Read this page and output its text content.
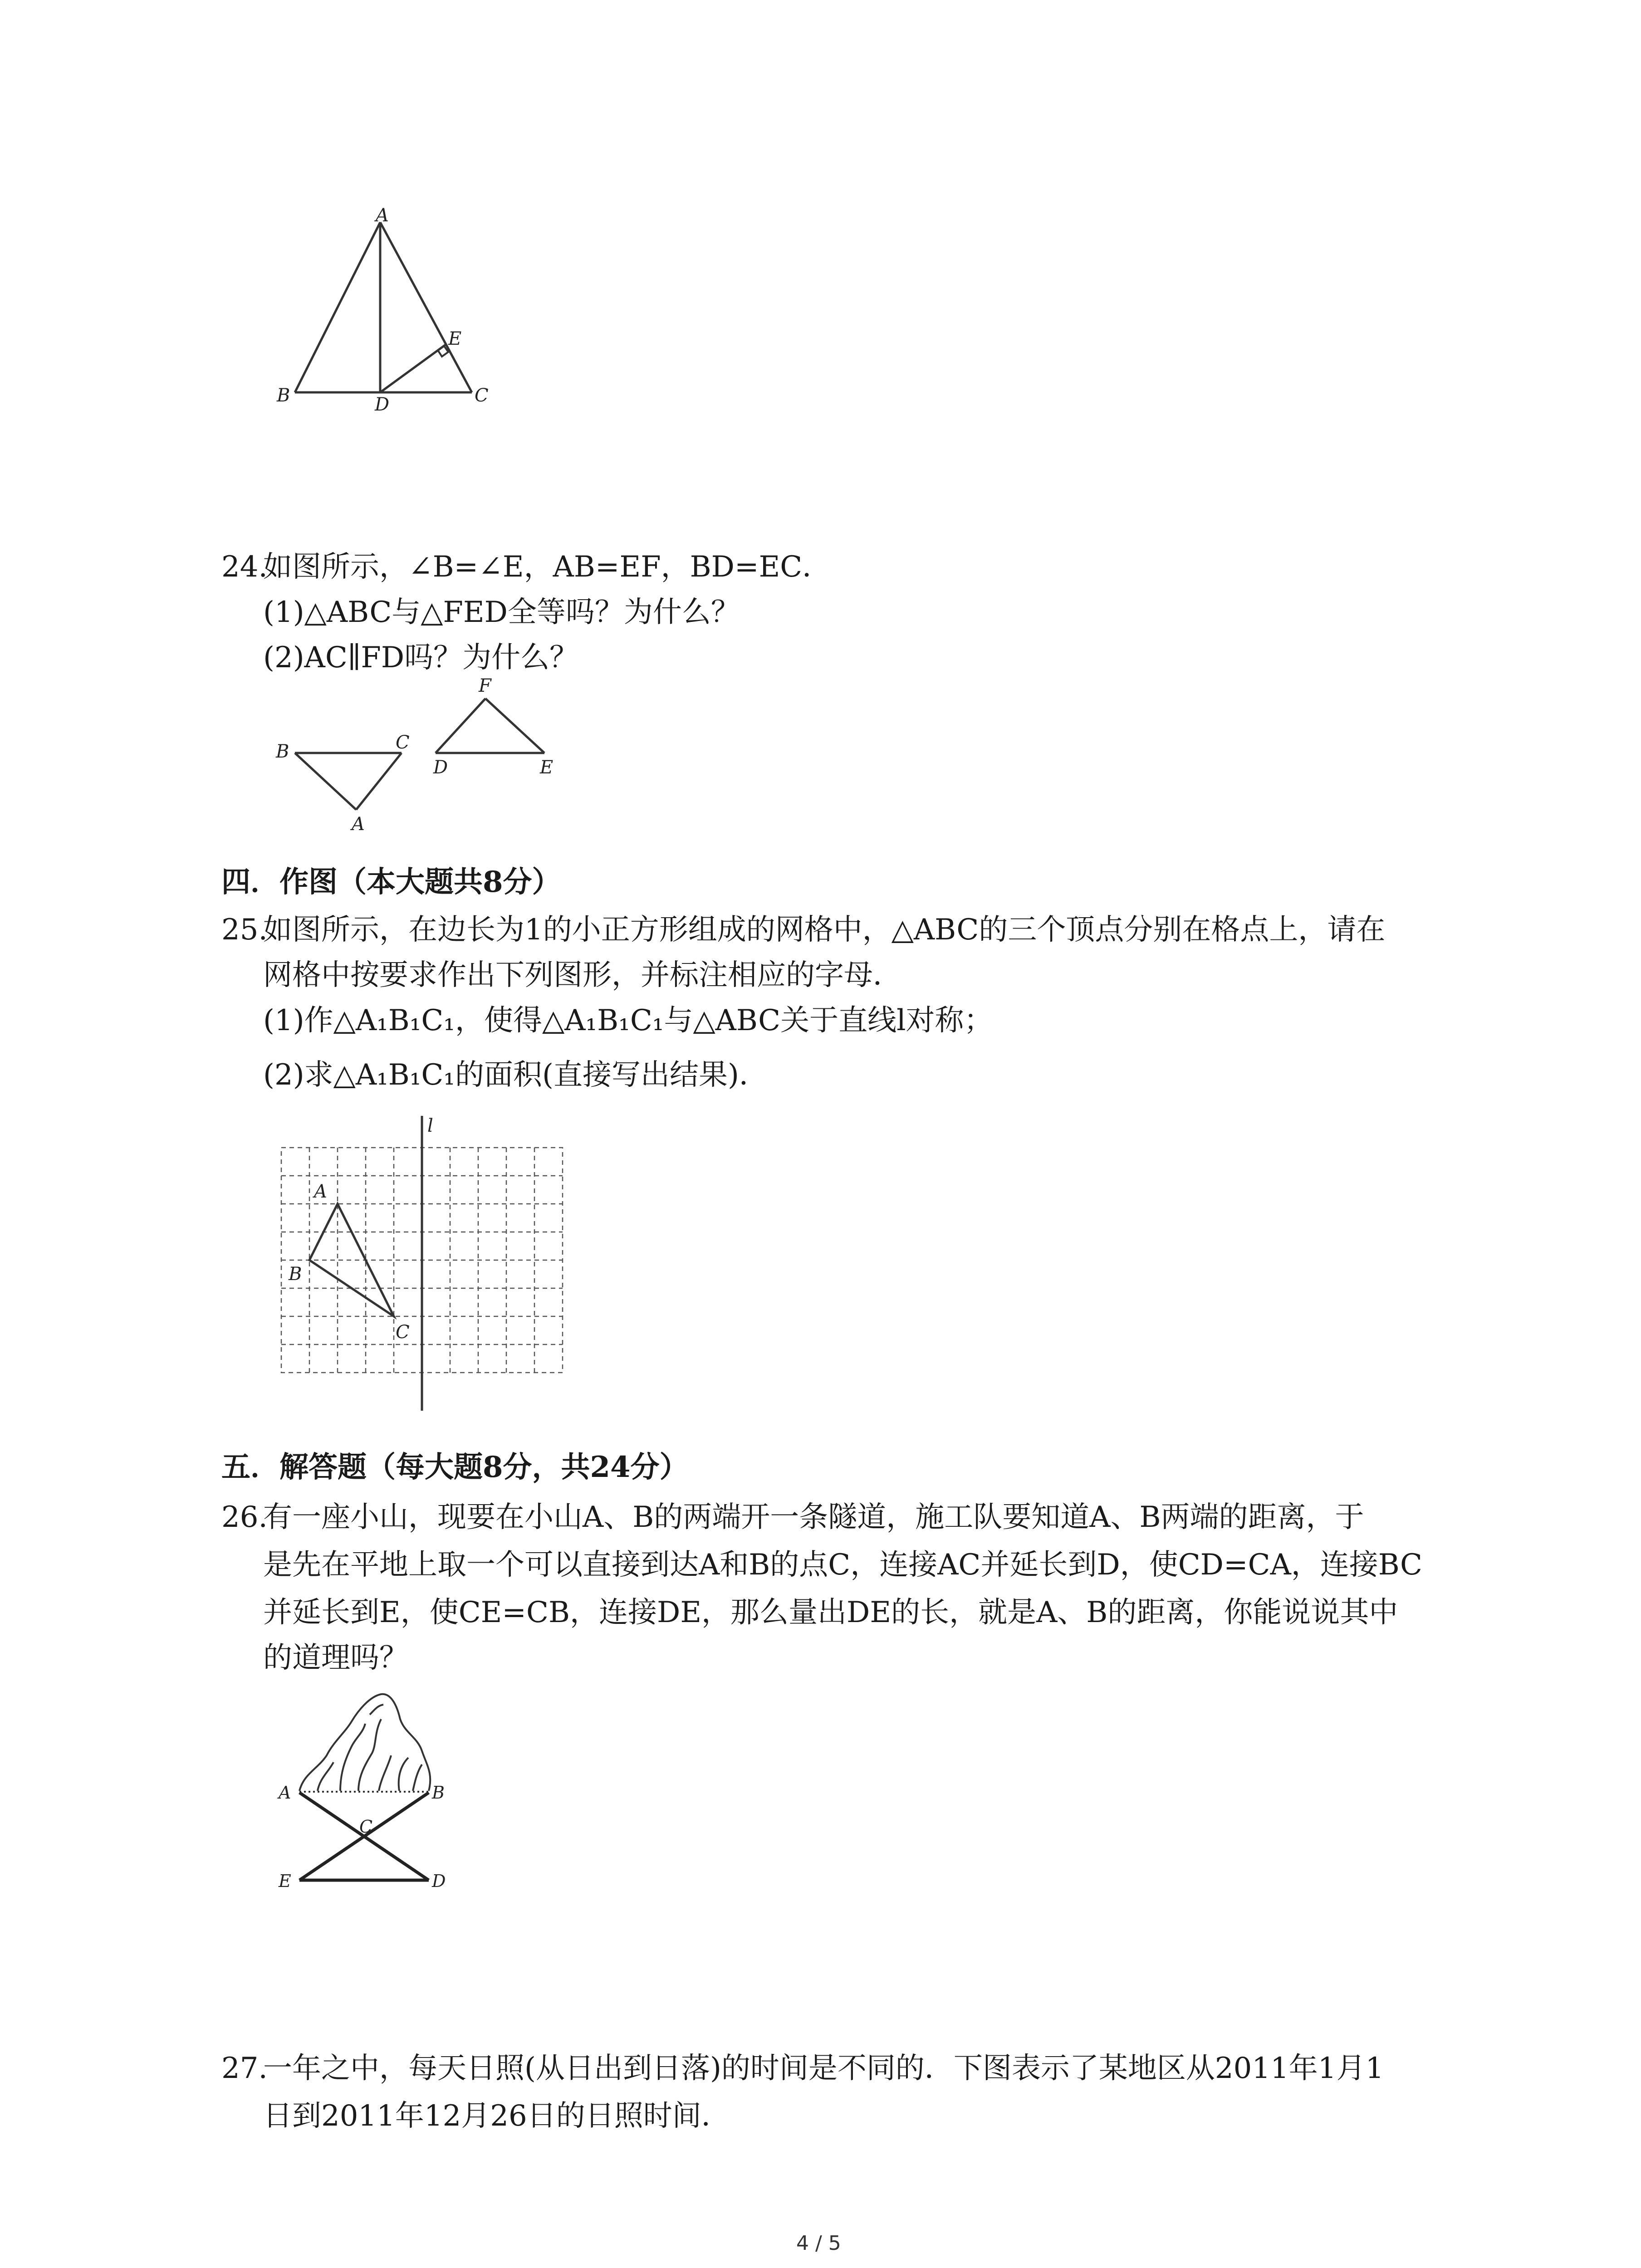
A
B	D	C
E
24.
如图所示，∠B=∠E，AB=EF，BD=EC．
(1)△ABC与△FED全等吗？为什么？
(2)AC∥FD吗？为什么？
B	C
A
F
D	E
四．作图（本大题共8分）
25.
如图所示，在边长为1的小正方形组成的网格中，△ABC的三个顶点分别在格点上，请在
网格中按要求作出下列图形，并标注相应的字母．
(1)作△A₁B₁C₁，使得△A₁B₁C₁与△ABC关于直线l对称；
(2)求△A₁B₁C₁的面积(直接写出结果)．
l
A
B
C
五．解答题（每大题8分，共24分）
26.
有一座小山，现要在小山A、B的两端开一条隧道，施工队要知道A、B两端的距离，于
是先在平地上取一个可以直接到达A和B的点C，连接AC并延长到D，使CD=CA，连接BC
并延长到E，使CE=CB，连接DE，那么量出DE的长，就是A、B的距离，你能说说其中
的道理吗？
A	B
C
E	D
27.
一年之中，每天日照(从日出到日落)的时间是不同的．下图表示了某地区从2011年1月1
日到2011年12月26日的日照时间．
4 / 5
